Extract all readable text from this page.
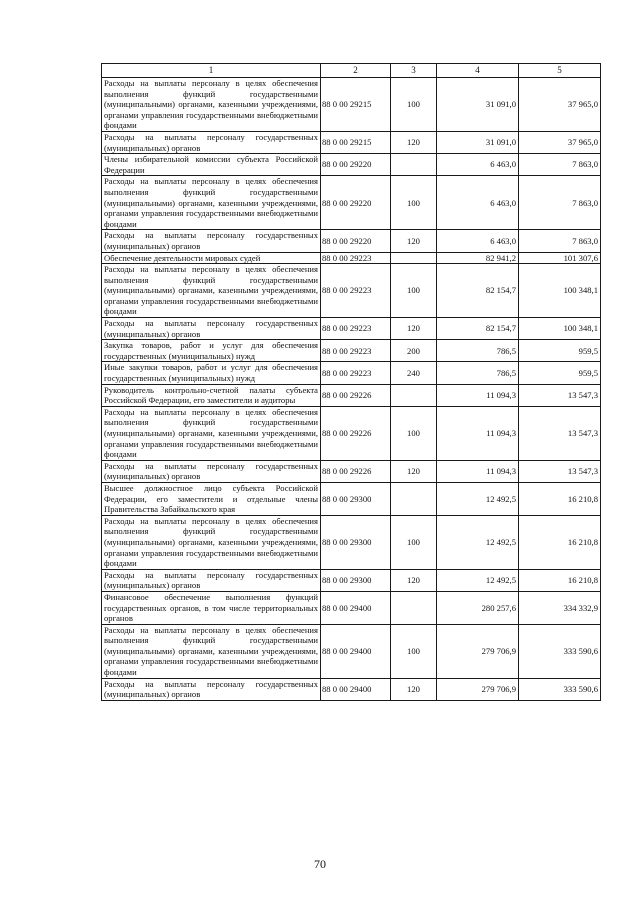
1	2	3	4	5
Расходы на выплаты персоналу в целях обеспечения выполнения функций государственными (муниципальными) органами, казенными учреждениями, органами управления государственными внебюджетными фондами	88 0 00 29215	100	31 091,0	37 965,0
Расходы на выплаты персоналу государственных (муниципальных) органов	88 0 00 29215	120	31 091,0	37 965,0
Члены избирательной комиссии субъекта Российской Федерации	88 0 00 29220		6 463,0	7 863,0
Расходы на выплаты персоналу в целях обеспечения выполнения функций государственными (муниципальными) органами, казенными учреждениями, органами управления государственными внебюджетными фондами	88 0 00 29220	100	6 463,0	7 863,0
Расходы на выплаты персоналу государственных (муниципальных) органов	88 0 00 29220	120	6 463,0	7 863,0
Обеспечение деятельности мировых судей	88 0 00 29223		82 941,2	101 307,6
Расходы на выплаты персоналу в целях обеспечения выполнения функций государственными (муниципальными) органами, казенными учреждениями, органами управления государственными внебюджетными фондами	88 0 00 29223	100	82 154,7	100 348,1
Расходы на выплаты персоналу государственных (муниципальных) органов	88 0 00 29223	120	82 154,7	100 348,1
Закупка товаров, работ и услуг для обеспечения государственных (муниципальных) нужд	88 0 00 29223	200	786,5	959,5
Иные закупки товаров, работ и услуг для обеспечения государственных (муниципальных) нужд	88 0 00 29223	240	786,5	959,5
Руководитель контрольно-счетной палаты субъекта Российской Федерации, его заместители и аудиторы	88 0 00 29226		11 094,3	13 547,3
Расходы на выплаты персоналу в целях обеспечения выполнения функций государственными (муниципальными) органами, казенными учреждениями, органами управления государственными внебюджетными фондами	88 0 00 29226	100	11 094,3	13 547,3
Расходы на выплаты персоналу государственных (муниципальных) органов	88 0 00 29226	120	11 094,3	13 547,3
Высшее должностное лицо субъекта Российской Федерации, его заместители и отдельные члены Правительства Забайкальского края	88 0 00 29300		12 492,5	16 210,8
Расходы на выплаты персоналу в целях обеспечения выполнения функций государственными (муниципальными) органами, казенными учреждениями, органами управления государственными внебюджетными фондами	88 0 00 29300	100	12 492,5	16 210,8
Расходы на выплаты персоналу государственных (муниципальных) органов	88 0 00 29300	120	12 492,5	16 210,8
Финансовое обеспечение выполнения функций государственных органов, в том числе территориальных органов	88 0 00 29400		280 257,6	334 332,9
Расходы на выплаты персоналу в целях обеспечения выполнения функций государственными (муниципальными) органами, казенными учреждениями, органами управления государственными внебюджетными фондами	88 0 00 29400	100	279 706,9	333 590,6
Расходы на выплаты персоналу государственных (муниципальных) органов	88 0 00 29400	120	279 706,9	333 590,6
70
